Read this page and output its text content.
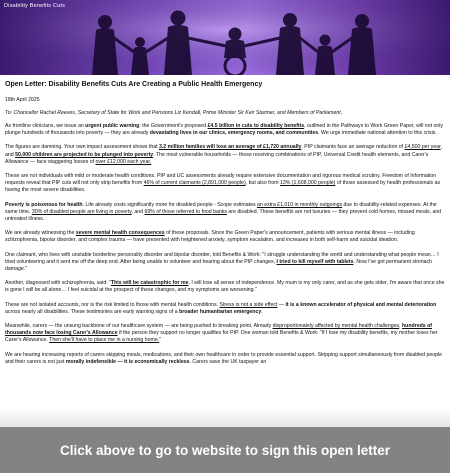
Disability Benefits Cuts
Open Letter: Disability Benefits Cuts Are Creating a Public Health Emergency
18th April 2025
To: Chancellor Rachel Reeves, Secretary of State for Work and Pensions Liz Kendall, Prime Minister Sir Keir Starmer, and Members of Parliament,

As frontline clinicians, we issue an urgent public warning: the Government's proposed £4.5 billion in cuts to disability benefits, outlined in the Pathways to Work Green Paper, will not only plunge hundreds of thousands into poverty — they are already devastating lives in our clinics, emergency rooms, and communities. We urge immediate national attention to this crisis.

The figures are damning. Your own impact assessment shows that 3.2 million families will lose an average of £1,720 annually. PIP claimants face an average reduction of £4,500 per year, and 50,000 children are projected to be plunged into poverty. The most vulnerable households — those receiving combinations of PIP, Universal Credit health elements, and Carer's Allowance — face staggering losses of over £12,000 each year.

These are not individuals with mild or moderate health conditions. PIP and UC assessments already require extensive documentation and rigorous medical scrutiny. Freedom of Information requests reveal that PIP cuts will not only strip benefits from 46% of current claimants (2,891,000 people), but also from 13% (1,608,000 people) of those assessed by health professionals as having the most severe disabilities.

Poverty is poisonous for health. Life already costs significantly more for disabled people - Scope estimates an extra £1,010 in monthly outgoings due to disability-related expenses. At the same time, 30% of disabled people are living in poverty, and 69% of those referred to food banks are disabled. These benefits are not luxuries — they prevent cold homes, missed meals, and untreated illness.

We are already witnessing the severe mental health consequences of these proposals. Since the Green Paper's announcement, patients with serious mental illness — including schizophrenia, bipolar disorder, and complex trauma — have presented with heightened anxiety, symptom escalation, and increases in both self-harm and suicidal ideation.

One claimant, who lives with unstable borderline personality disorder and bipolar disorder, told Benefits & Work: "I struggle understanding the world and understanding what people mean… I tried volunteering and it sent me off the deep end. After being unable to volunteer and hearing about the PIP changes, I tried to kill myself with tablets. Now I've got permanent stomach damage."

Another, diagnosed with schizophrenia, said: "This will be catastrophic for me. I will lose all sense of independence. My mum is my only carer, and as she gets older, I'm aware that once she is gone I will be all alone… I feel suicidal at the prospect of these changes, and my symptoms are worsening."

These are not isolated accounts, nor is the risk limited to those with mental health conditions. Stress is not a side effect — it is a known accelerator of physical and mental deterioration across nearly all disabilities. These testimonies are early warning signs of a broader humanitarian emergency.

Meanwhile, carers — the unsung backbone of our healthcare system — are being pushed to breaking point. Already disproportionately affected by mental health challenges, hundreds of thousands now face losing Carer's Allowance if the person they support no longer qualifies for PIP. One woman told Benefits & Work: "If I lose my disability benefits, my mother loses her Carer's Allowance. Then she'll have to place me in a nursing home."

We are hearing increasing reports of carers skipping meals, medications, and their own healthcare in order to provide essential support. Stripping support simultaneously from disabled people and their carers is not just morally indefensible — it is economically reckless. Carers save the UK taxpayer an

Click above to go to website to sign this open letter
